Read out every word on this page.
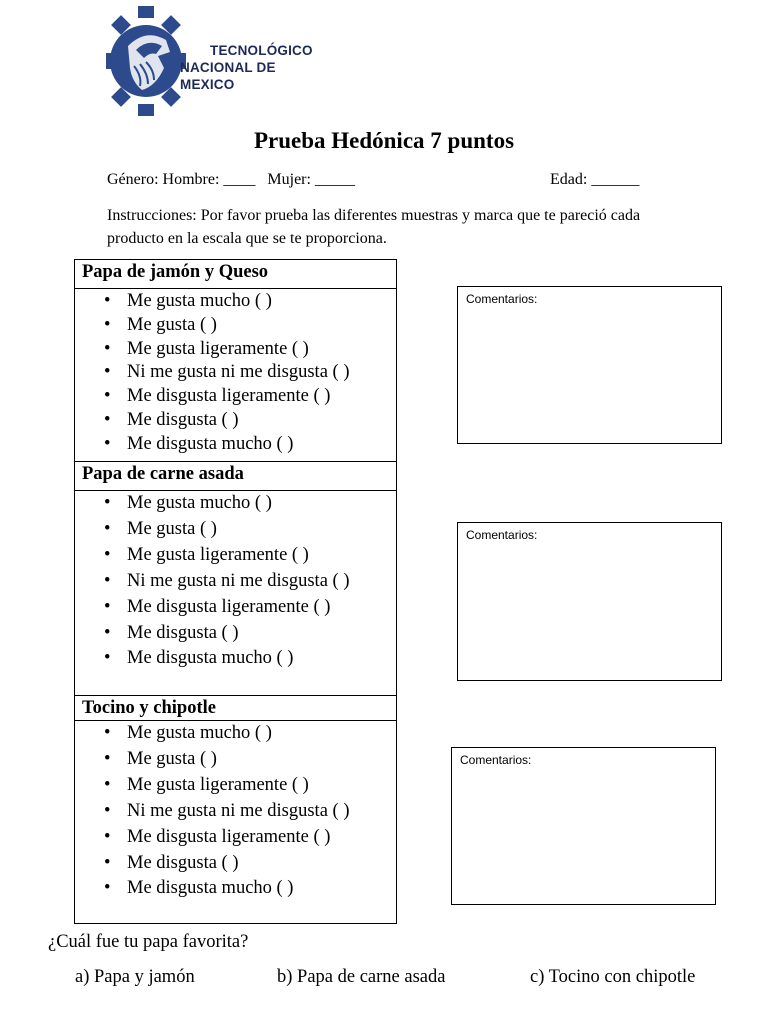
TECNOLÓGICO
NACIONAL DE MEXICO
Prueba Hedónica 7 puntos
Género: Hombre: ____   Mujer: _____	Edad: ______
Instrucciones: Por favor prueba las diferentes muestras y marca que te pareció cada producto en la escala que se te proporciona.
Papa de jamón y Queso

• Me gusta mucho ( )
• Me gusta ( )
• Me gusta ligeramente ( )
• Ni me gusta ni me disgusta ( )
• Me disgusta ligeramente ( )
• Me disgusta ( )
• Me disgusta mucho ( )

Papa de carne asada

• Me gusta mucho ( )
• Me gusta ( )
• Me gusta ligeramente ( )
• Ni me gusta ni me disgusta ( )
• Me disgusta ligeramente ( )
• Me disgusta ( )
• Me disgusta mucho ( )

Tocino y chipotle

• Me gusta mucho ( )
• Me gusta ( )
• Me gusta ligeramente ( )
• Ni me gusta ni me disgusta ( )
• Me disgusta ligeramente ( )
• Me disgusta ( )
• Me disgusta mucho ( )
Comentarios:
Comentarios:
Comentarios:
¿Cuál fue tu papa favorita?
a) Papa y jamón	b) Papa de carne asada	c) Tocino con chipotle
